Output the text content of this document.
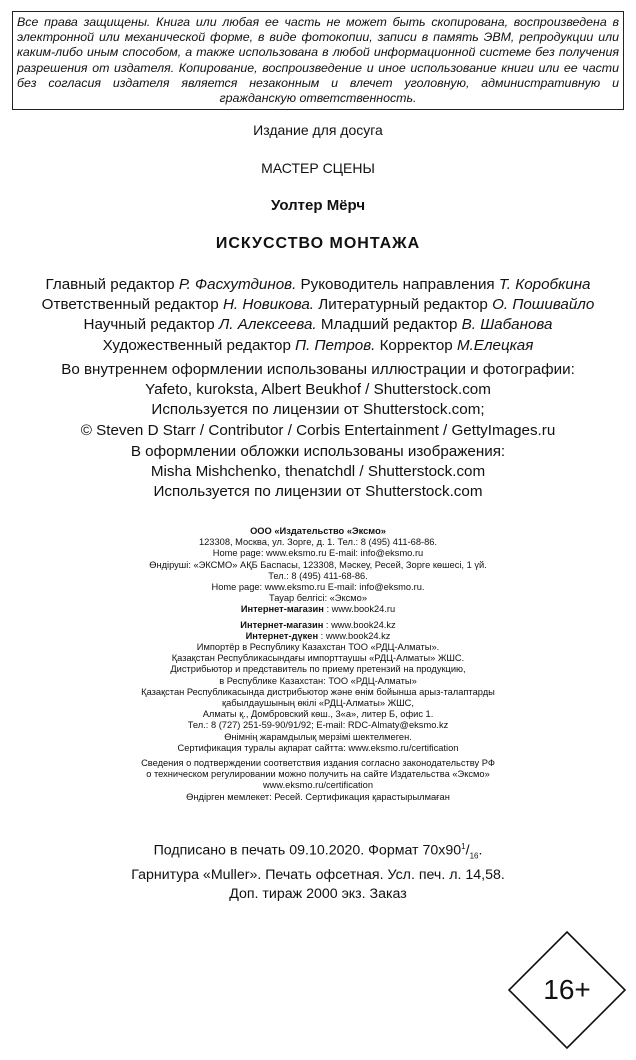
Все права защищены. Книга или любая ее часть не может быть скопирована, воспроизведена в электронной или механической форме, в виде фотокопии, записи в память ЭВМ, репродукции или каким-либо иным способом, а также использована в любой информационной системе без получения разрешения от издателя. Копирование, воспроизведение и иное использование книги или ее части без согласия издателя является незаконным и влечет уголовную, административную и гражданскую ответственность.
Издание для досуга
МАСТЕР СЦЕНЫ
Уолтер Мёрч
ИСКУССТВО МОНТАЖА
Главный редактор Р. Фасхутдинов. Руководитель направления Т. Коробкина
Ответственный редактор Н. Новикова. Литературный редактор О. Пошивайло
Научный редактор Л. Алексеева. Младший редактор В. Шабанова
Художественный редактор П. Петров. Корректор М.Елецкая
Во внутреннем оформлении использованы иллюстрации и фотографии:
Yafeto, kuroksta, Albert Beukhof / Shutterstock.com
Используется по лицензии от Shutterstock.com;
© Steven D Starr / Contributor / Corbis Entertainment / GettyImages.ru
В оформлении обложки использованы изображения:
Misha Mishchenko, thenatchdl / Shutterstock.com
Используется по лицензии от Shutterstock.com
ООО «Издательство «Эксмо»
123308, Москва, ул. Зорге, д. 1. Тел.: 8 (495) 411-68-86.
Home page: www.eksmo.ru E-mail: info@eksmo.ru
Өндіруші: «ЭКСМО» АҚБ Баспасы, 123308, Мәскеу, Ресей, Зорге көшесі, 1 үй.
Тел.: 8 (495) 411-68-86.
Home page: www.eksmo.ru E-mail: info@eksmo.ru.
Тауар белгісі: «Эксмо»
Интернет-магазин : www.book24.ru
Интернет-магазин : www.book24.kz
Интернет-дүкен : www.book24.kz
Импортёр в Республику Казахстан ТОО «РДЦ-Алматы».
Қазақстан Республикасындағы импорттаушы «РДЦ-Алматы» ЖШС.
Дистрибьютор и представитель по приему претензий на продукцию,
в Республике Казахстан: ТОО «РДЦ-Алматы»
Қазақстан Республикасында дистрибьютор және өнім бойынша арыз-талаптарды
қабылдаушының өкілі «РДЦ-Алматы» ЖШС,
Алматы қ., Домбровский көш., 3«а», литер Б, офис 1.
Тел.: 8 (727) 251-59-90/91/92; E-mail: RDC-Almaty@eksmo.kz
Өнімнің жарамдылық мерзімі шектелмеген.
Сертификация туралы ақпарат сайтта: www.eksmo.ru/certification
Сведения о подтверждении соответствия издания согласно законодательству РФ
о техническом регулировании можно получить на сайте Издательства «Эксмо»
www.eksmo.ru/certification
Өндірген мемлекет: Ресей. Сертификация қарастырылмаған
Подписано в печать 09.10.2020. Формат $70х90^1/_{16}$.
Гарнитура «Muller». Печать офсетная. Усл. печ. л. 14,58.
Доп. тираж 2000 экз. Заказ
16+
